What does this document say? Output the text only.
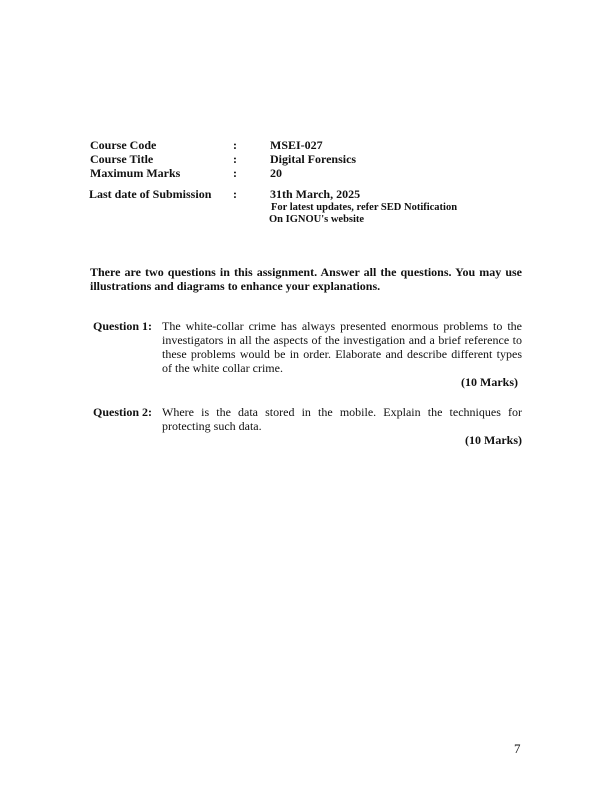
Course Code	:	MSEI-027
Course Title	:	Digital Forensics
Maximum Marks	:	20
Last date of Submission :	31th March, 2025
For latest updates, refer SED Notification
On IGNOU's website
There are two questions in this assignment. Answer all the questions. You may use illustrations and diagrams to enhance your explanations.
Question 1: The white-collar crime has always presented enormous problems to the investigators in all the aspects of the investigation and a brief reference to these problems would be in order. Elaborate and describe different types of the white collar crime.
(10 Marks)
Question 2: Where is the data stored in the mobile. Explain the techniques for protecting such data.
(10 Marks)
7
